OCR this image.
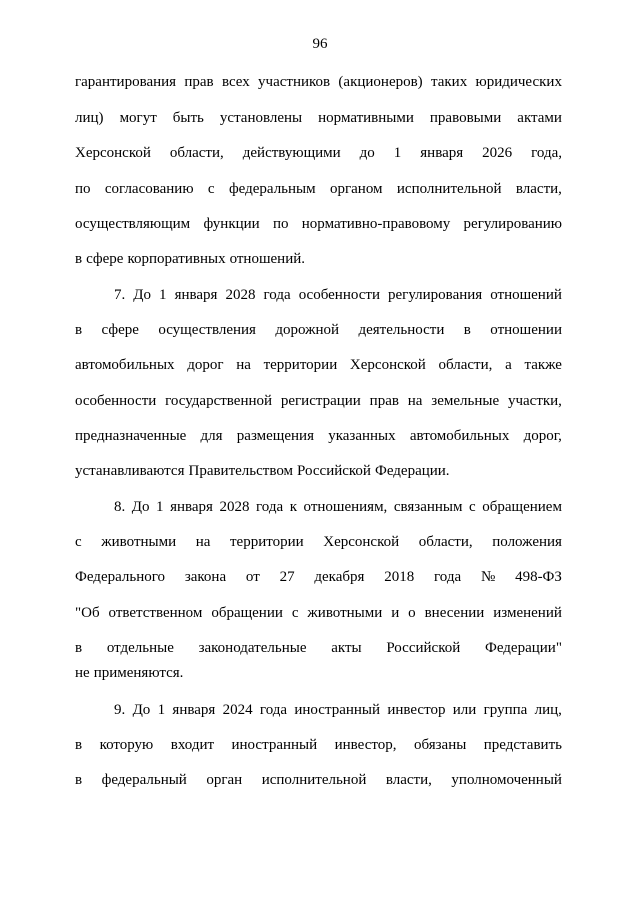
96
гарантирования прав всех участников (акционеров) таких юридических
лиц) могут быть установлены нормативными правовыми актами
Херсонской области, действующими до 1 января 2026 года,
по согласованию с федеральным органом исполнительной власти,
осуществляющим функции по нормативно-правовому регулированию
в сфере корпоративных отношений.
7. До 1 января 2028 года особенности регулирования отношений
в сфере осуществления дорожной деятельности в отношении
автомобильных дорог на территории Херсонской области, а также
особенности государственной регистрации прав на земельные участки,
предназначенные для размещения указанных автомобильных дорог,
устанавливаются Правительством Российской Федерации.
8. До 1 января 2028 года к отношениям, связанным с обращением
с животными на территории Херсонской области, положения
Федерального закона от 27 декабря 2018 года № 498-ФЗ
"Об ответственном обращении с животными и о внесении изменений
в отдельные законодательные акты Российской Федерации"
не применяются.
9. До 1 января 2024 года иностранный инвестор или группа лиц,
в которую входит иностранный инвестор, обязаны представить
в федеральный орган исполнительной власти, уполномоченный
